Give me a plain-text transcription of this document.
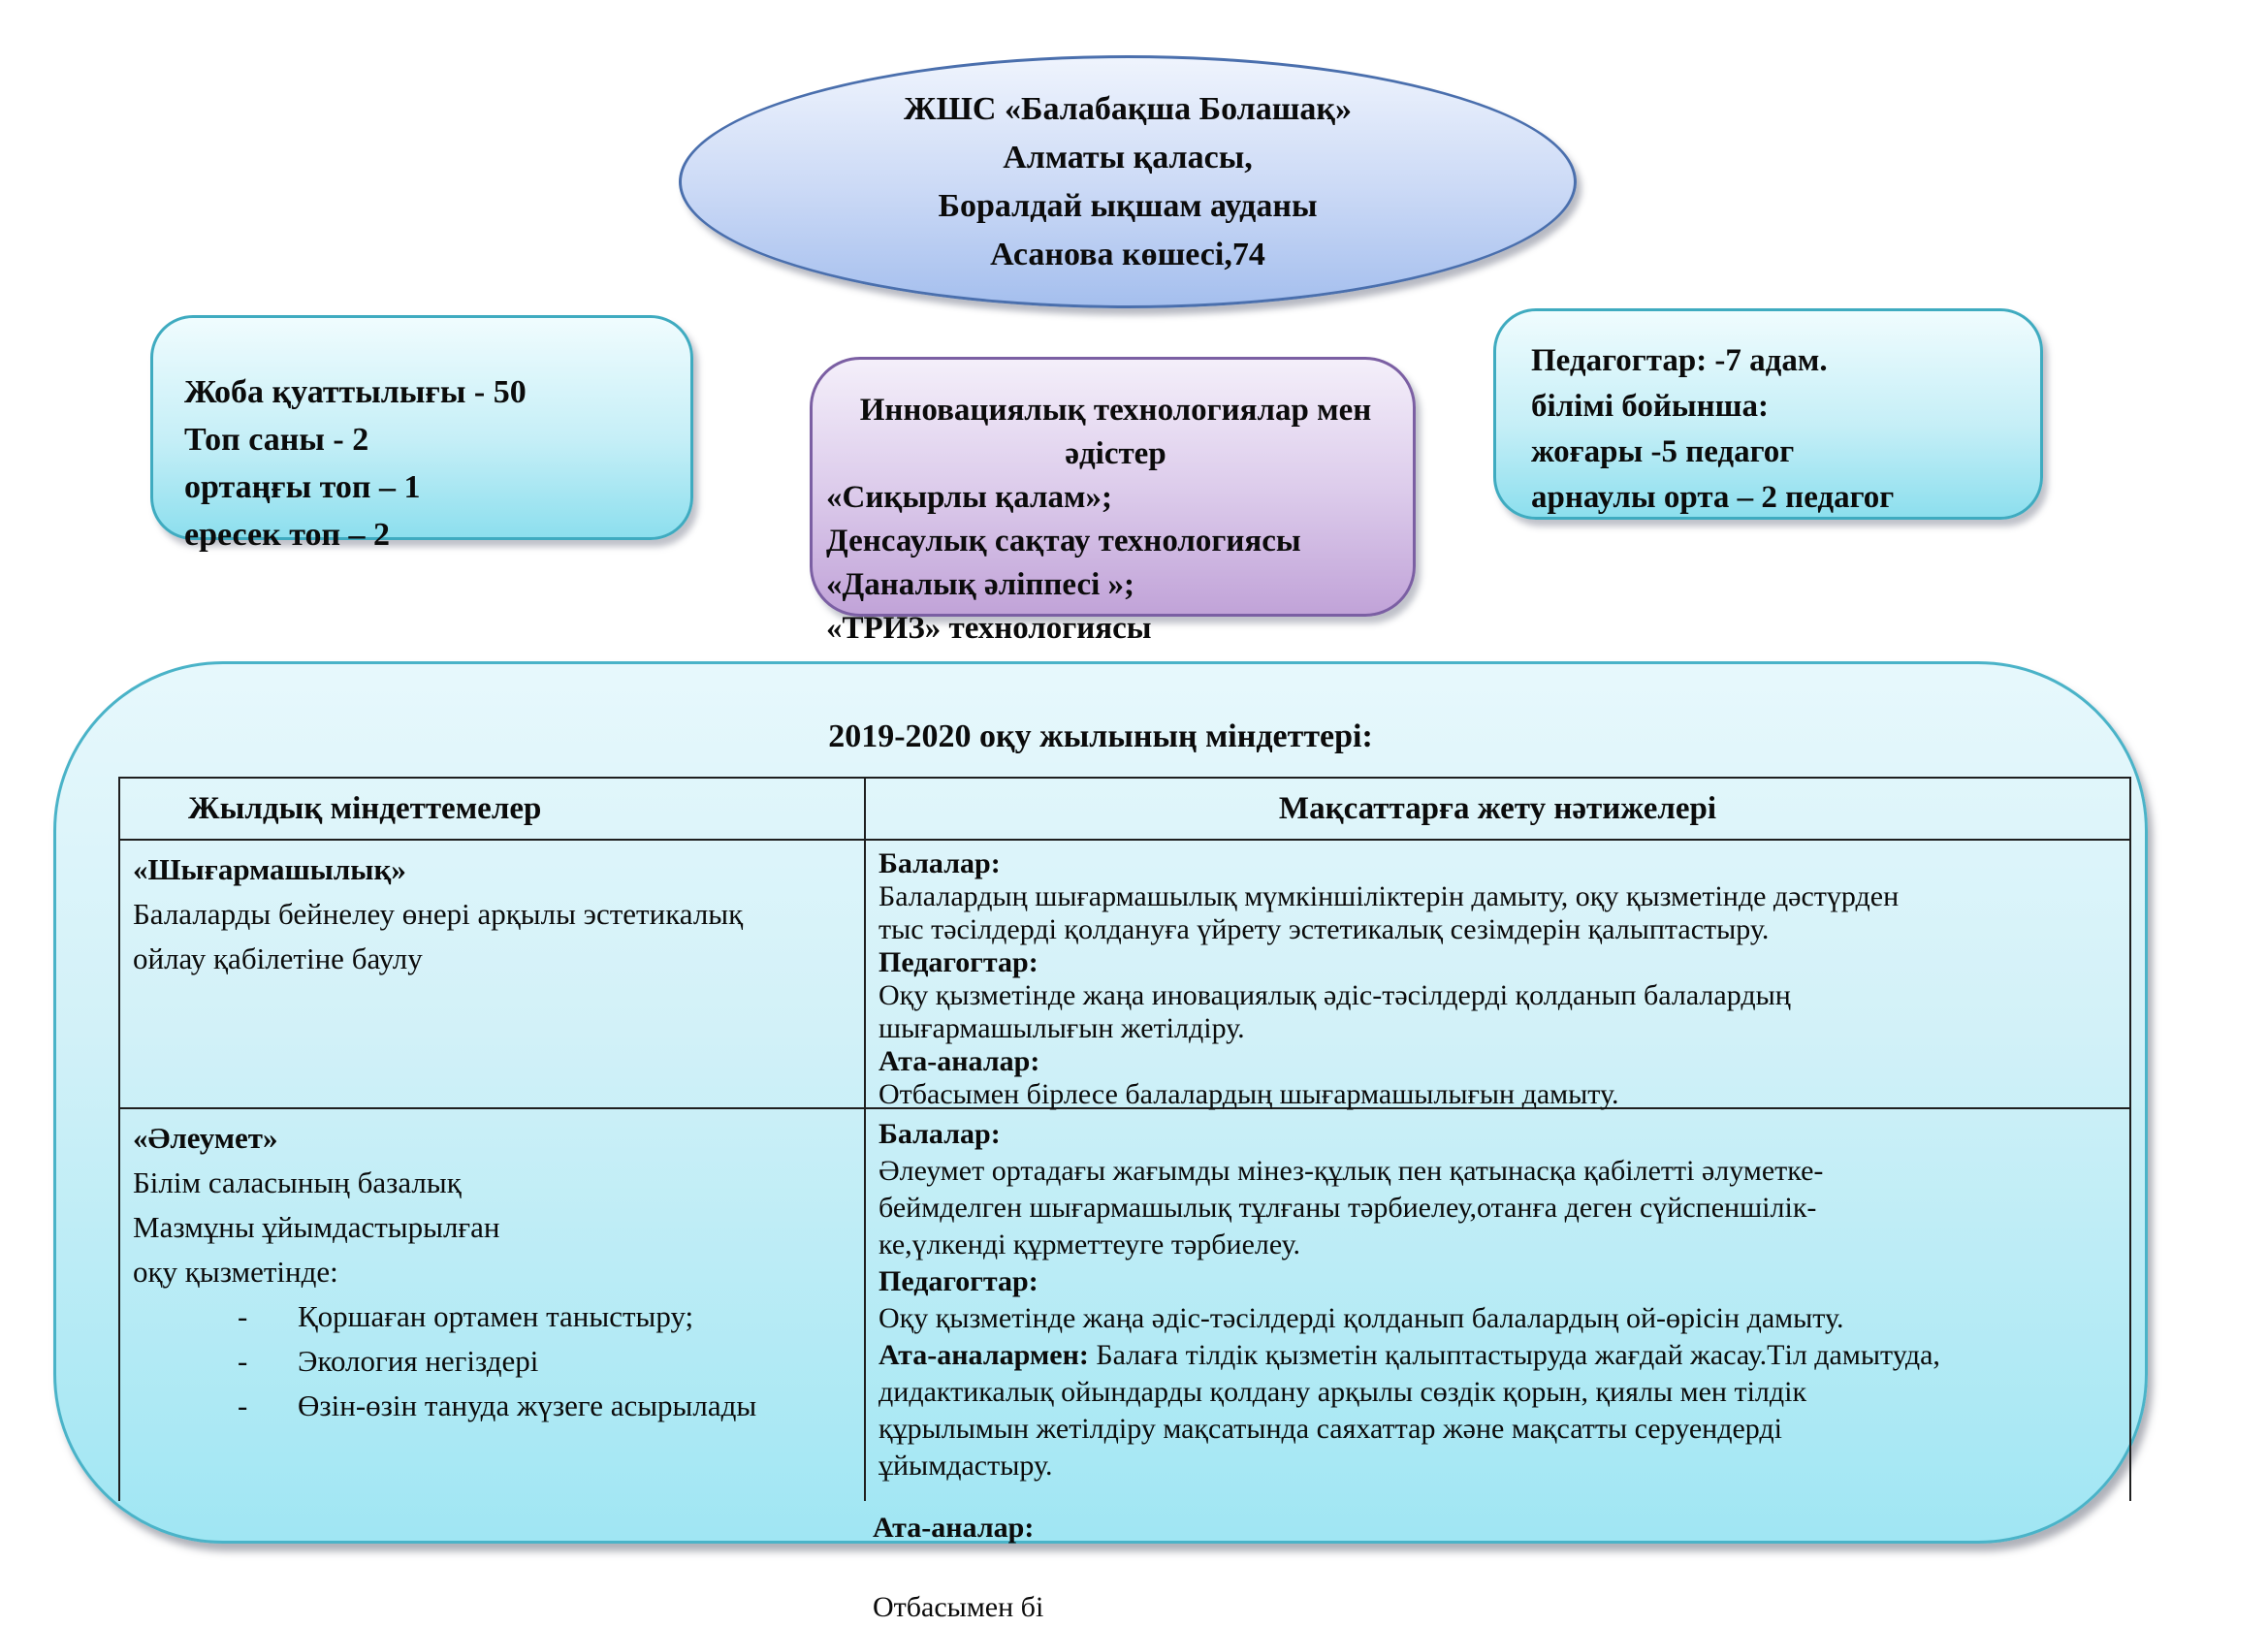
ЖШС «Балабақша Болашақ»
Алматы қаласы,
Боралдай ықшам ауданы
Асанова көшесі,74
Жоба қуаттылығы - 50
Топ саны - 2
ортаңғы топ – 1
ересек топ – 2
Инновациялық технологиялар мен
әдістер
«Сиқырлы қалам»;
Денсаулық сақтау технологиясы
«Даналық әліппесі »;
«ТРИЗ» технологиясы
Педагогтар: -7 адам.
білімі бойынша:
жоғары -5 педагог
арнаулы орта – 2 педагог
2019-2020 оқу жылының міндеттері:
Жылдық міндеттемелер	Мақсаттарға жету нәтижелері
«Шығармашылық»
Балаларды бейнелеу өнері арқылы эстетикалық
ойлау қабілетіне баулу
Балалар:
Балалардың шығармашылық мүмкіншіліктерін дамыту, оқу қызметінде дәстүрден
тыс тәсілдерді қолдануға үйрету эстетикалық сезімдерін қалыптастыру.
Педагогтар:
Оқу қызметінде жаңа иновациялық әдіс-тәсілдерді қолданып балалардың
шығармашылығын жетілдіру.
Ата-аналар:
Отбасымен бірлесе балалардың шығармашылығын дамыту.
«Әлеумет»
Білім саласының базалық
Мазмұны ұйымдастырылған
оқу қызметінде:
- Қоршаған ортамен таныстыру;
- Экология негіздері
- Өзін-өзін тануда жүзеге асырылады
Балалар:
Әлеумет ортадағы жағымды мінез-құлық пен қатынасқа қабілетті әлуметке-
беймделген шығармашылық тұлғаны тәрбиелеу,отанға деген сүйспеншілік-
ке,үлкенді құрметтеуге тәрбиелеу.
Педагогтар:
Оқу қызметінде жаңа әдіс-тәсілдерді қолданып балалардың ой-өрісін дамыту.
Ата-аналармен: Балаға тілдік қызметін қалыптастыруда жағдай жасау.Тіл дамытуда,
дидактикалық ойындарды қолдану арқылы сөздік қорын, қиялы мен тілдік
құрылымын жетілдіру мақсатында саяхаттар және мақсатты серуендерді
ұйымдастыру.
Ата-аналар:
Отбасымен бі
